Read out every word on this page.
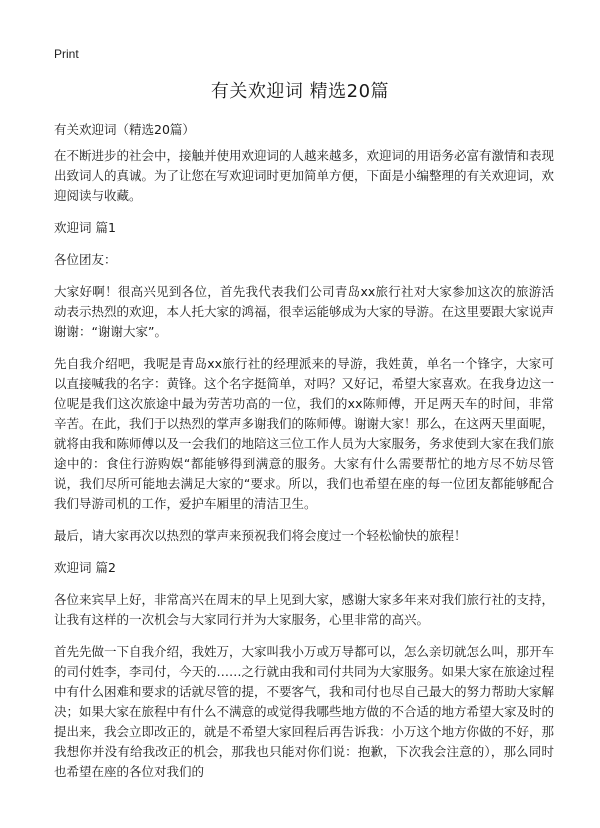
Print
有关欢迎词 精选20篇

有关欢迎词（精选20篇）

在不断进步的社会中，接触并使用欢迎词的人越来越多，欢迎词的用语务必富有激情和表现出致词人的真诚。为了让您在写欢迎词时更加简单方便，下面是小编整理的有关欢迎词，欢迎阅读与收藏。

欢迎词 篇1

各位团友：

大家好啊！很高兴见到各位，首先我代表我们公司青岛xx旅行社对大家参加这次的旅游活动表示热烈的欢迎，本人托大家的鸿福，很幸运能够成为大家的导游。在这里要跟大家说声谢谢：“谢谢大家”。

先自我介绍吧，我呢是青岛xx旅行社的经理派来的导游，我姓黄，单名一个锋字，大家可以直接喊我的名字：黄锋。这个名字挺简单，对吗？又好记，希望大家喜欢。在我身边这一位呢是我们这次旅途中最为劳苦功高的一位，我们的xx陈师傅，开足两天车的时间，非常辛苦。在此，我们于以热烈的掌声多谢我们的陈师傅。谢谢大家！那么，在这两天里面呢，就将由我和陈师傅以及一会我们的地陪这三位工作人员为大家服务，务求使到大家在我们旅途中的：食住行游购娱“都能够得到满意的服务。大家有什么需要帮忙的地方尽不妨尽管说，我们尽所可能地去满足大家的“要求。所以，我们也希望在座的每一位团友都能够配合我们导游司机的工作，爱护车厢里的清洁卫生。

最后，请大家再次以热烈的掌声来预祝我们将会度过一个轻松愉快的旅程！

欢迎词 篇2

各位来宾早上好，非常高兴在周末的早上见到大家，感谢大家多年来对我们旅行社的支持，让我有这样的一次机会与大家同行并为大家服务，心里非常的高兴。

首先先做一下自我介绍，我姓万，大家叫我小万或万导都可以，怎么亲切就怎么叫，那开车的司付姓李，李司付，今天的……之行就由我和司付共同为大家服务。如果大家在旅途过程中有什么困难和要求的话就尽管的提，不要客气，我和司付也尽自己最大的努力帮助大家解决；如果大家在旅程中有什么不满意的或觉得我哪些地方做的不合适的地方希望大家及时的提出来，我会立即改正的，就是不希望大家回程后再告诉我：小万这个地方你做的不好，那我想你并没有给我改正的机会，那我也只能对你们说：抱歉，下次我会注意的），那么同时也希望在座的各位对我们的
